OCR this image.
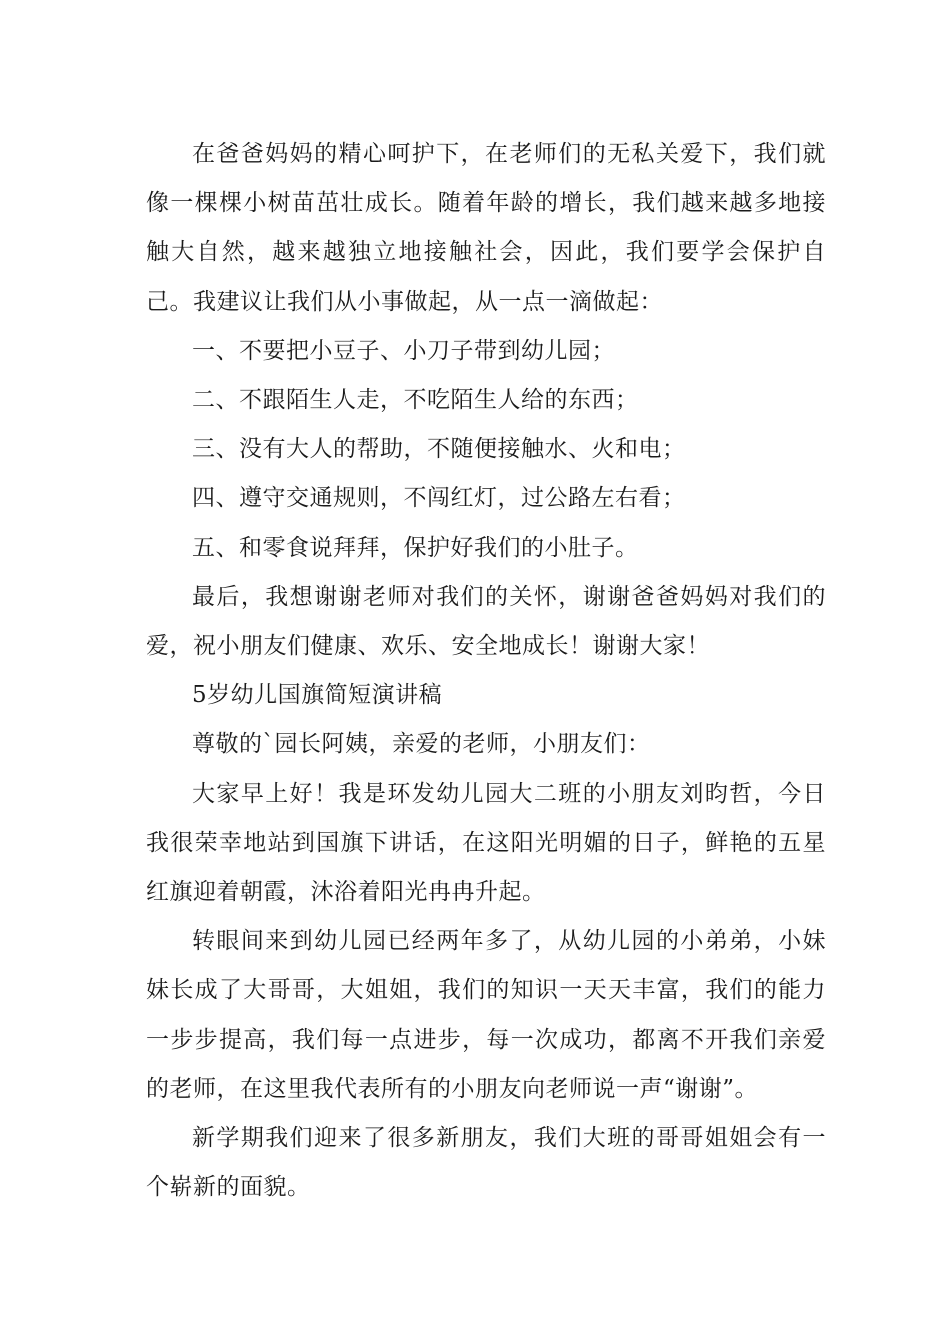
在爸爸妈妈的精心呵护下，在老师们的无私关爱下，我们就像一棵棵小树苗茁壮成长。随着年龄的增长，我们越来越多地接触大自然，越来越独立地接触社会，因此，我们要学会保护自己。我建议让我们从小事做起，从一点一滴做起：

一、不要把小豆子、小刀子带到幼儿园；

二、不跟陌生人走，不吃陌生人给的东西；

三、没有大人的帮助，不随便接触水、火和电；

四、遵守交通规则，不闯红灯，过公路左右看；

五、和零食说拜拜，保护好我们的小肚子。

最后，我想谢谢老师对我们的关怀，谢谢爸爸妈妈对我们的爱，祝小朋友们健康、欢乐、安全地成长！谢谢大家！

5岁幼儿国旗简短演讲稿

尊敬的`园长阿姨，亲爱的老师，小朋友们：

大家早上好！我是环发幼儿园大二班的小朋友刘昀哲，今日我很荣幸地站到国旗下讲话，在这阳光明媚的日子，鲜艳的五星红旗迎着朝霞，沐浴着阳光冉冉升起。

转眼间来到幼儿园已经两年多了，从幼儿园的小弟弟，小妹妹长成了大哥哥，大姐姐，我们的知识一天天丰富，我们的能力一步步提高，我们每一点进步，每一次成功，都离不开我们亲爱的老师，在这里我代表所有的小朋友向老师说一声“谢谢”。

新学期我们迎来了很多新朋友，我们大班的哥哥姐姐会有一个崭新的面貌。
